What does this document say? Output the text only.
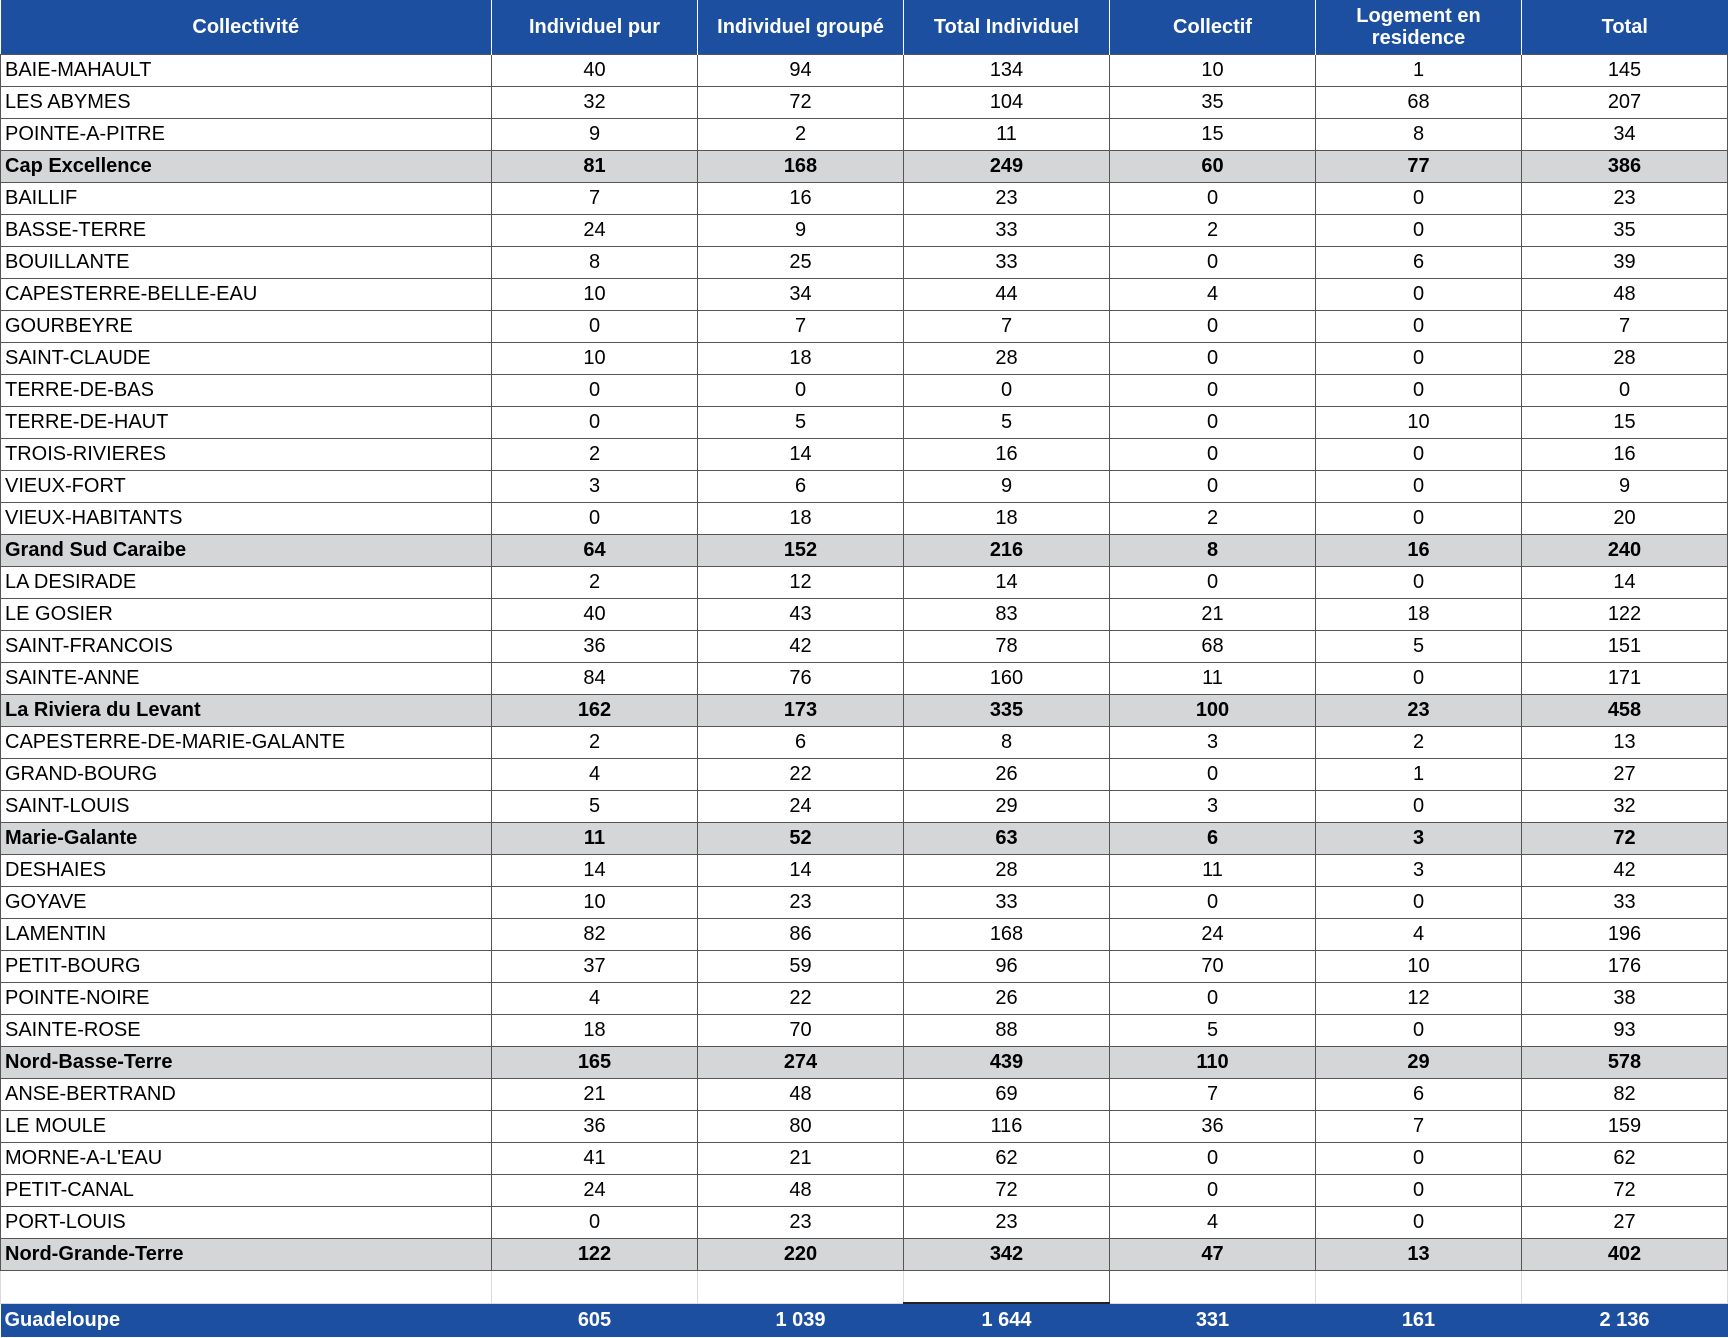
Collectivité	Individuel pur	Individuel groupé	Total Individuel	Collectif	Logement en residence	Total
BAIE-MAHAULT	40	94	134	10	1	145
LES ABYMES	32	72	104	35	68	207
POINTE-A-PITRE	9	2	11	15	8	34
Cap Excellence	81	168	249	60	77	386
BAILLIF	7	16	23	0	0	23
BASSE-TERRE	24	9	33	2	0	35
BOUILLANTE	8	25	33	0	6	39
CAPESTERRE-BELLE-EAU	10	34	44	4	0	48
GOURBEYRE	0	7	7	0	0	7
SAINT-CLAUDE	10	18	28	0	0	28
TERRE-DE-BAS	0	0	0	0	0	0
TERRE-DE-HAUT	0	5	5	0	10	15
TROIS-RIVIERES	2	14	16	0	0	16
VIEUX-FORT	3	6	9	0	0	9
VIEUX-HABITANTS	0	18	18	2	0	20
Grand Sud Caraibe	64	152	216	8	16	240
LA DESIRADE	2	12	14	0	0	14
LE GOSIER	40	43	83	21	18	122
SAINT-FRANCOIS	36	42	78	68	5	151
SAINTE-ANNE	84	76	160	11	0	171
La Riviera du Levant	162	173	335	100	23	458
CAPESTERRE-DE-MARIE-GALANTE	2	6	8	3	2	13
GRAND-BOURG	4	22	26	0	1	27
SAINT-LOUIS	5	24	29	3	0	32
Marie-Galante	11	52	63	6	3	72
DESHAIES	14	14	28	11	3	42
GOYAVE	10	23	33	0	0	33
LAMENTIN	82	86	168	24	4	196
PETIT-BOURG	37	59	96	70	10	176
POINTE-NOIRE	4	22	26	0	12	38
SAINTE-ROSE	18	70	88	5	0	93
Nord-Basse-Terre	165	274	439	110	29	578
ANSE-BERTRAND	21	48	69	7	6	82
LE MOULE	36	80	116	36	7	159
MORNE-A-L'EAU	41	21	62	0	0	62
PETIT-CANAL	24	48	72	0	0	72
PORT-LOUIS	0	23	23	4	0	27
Nord-Grande-Terre	122	220	342	47	13	402

Guadeloupe	605	1 039	1 644	331	161	2 136
